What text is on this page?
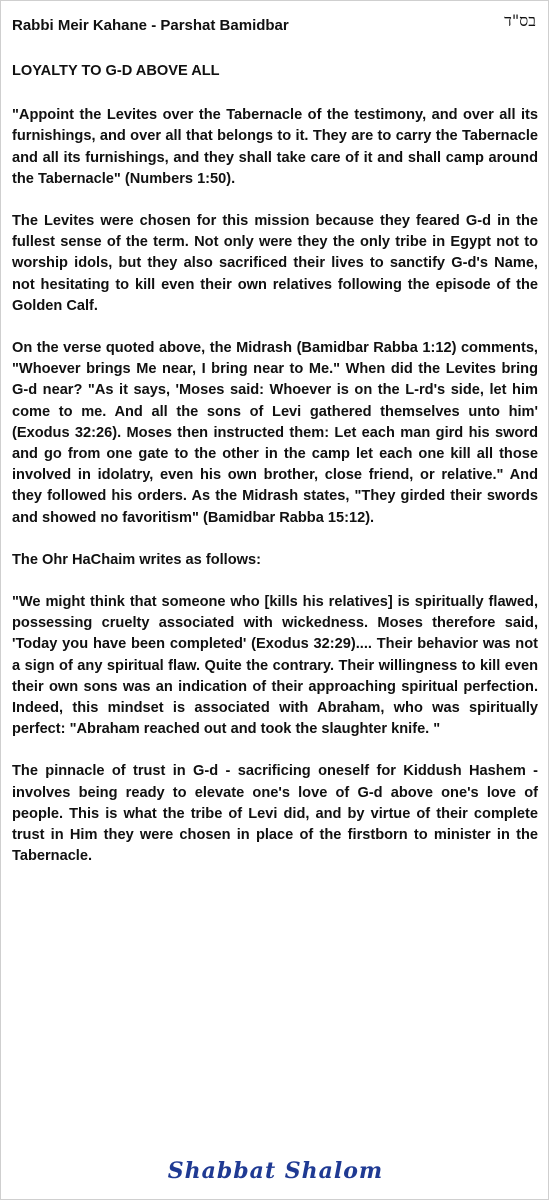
Rabbi Meir Kahane - Parshat Bamidbar	בס"ד
LOYALTY TO G-D ABOVE ALL
"Appoint the Levites over the Tabernacle of the testimony, and over all its furnishings, and over all that belongs to it. They are to carry the Tabernacle and all its furnishings, and they shall take care of it and shall camp around the Tabernacle" (Numbers 1:50).
The Levites were chosen for this mission because they feared G-d in the fullest sense of the term. Not only were they the only tribe in Egypt not to worship idols, but they also sacrificed their lives to sanctify G-d's Name, not hesitating to kill even their own relatives following the episode of the Golden Calf.
On the verse quoted above, the Midrash (Bamidbar Rabba 1:12) comments, "Whoever brings Me near, I bring near to Me." When did the Levites bring G-d near? "As it says, 'Moses said: Whoever is on the L-rd's side, let him come to me. And all the sons of Levi gathered themselves unto him' (Exodus 32:26). Moses then instructed them: Let each man gird his sword and go from one gate to the other in the camp let each one kill all those involved in idolatry, even his own brother, close friend, or relative." And they followed his orders. As the Midrash states, "They girded their swords and showed no favoritism" (Bamidbar Rabba 15:12).
The Ohr HaChaim writes as follows:
"We might think that someone who [kills his relatives] is spiritually flawed, possessing cruelty associated with wickedness. Moses therefore said, 'Today you have been completed' (Exodus 32:29).... Their behavior was not a sign of any spiritual flaw. Quite the contrary. Their willingness to kill even their own sons was an indication of their approaching spiritual perfection. Indeed, this mindset is associated with Abraham, who was spiritually perfect: "Abraham reached out and took the slaughter knife. "
The pinnacle of trust in G-d - sacrificing oneself for Kiddush Hashem - involves being ready to elevate one's love of G-d above one's love of people. This is what the tribe of Levi did, and by virtue of their complete trust in Him they were chosen in place of the firstborn to minister in the Tabernacle.
Shabbat Shalom
